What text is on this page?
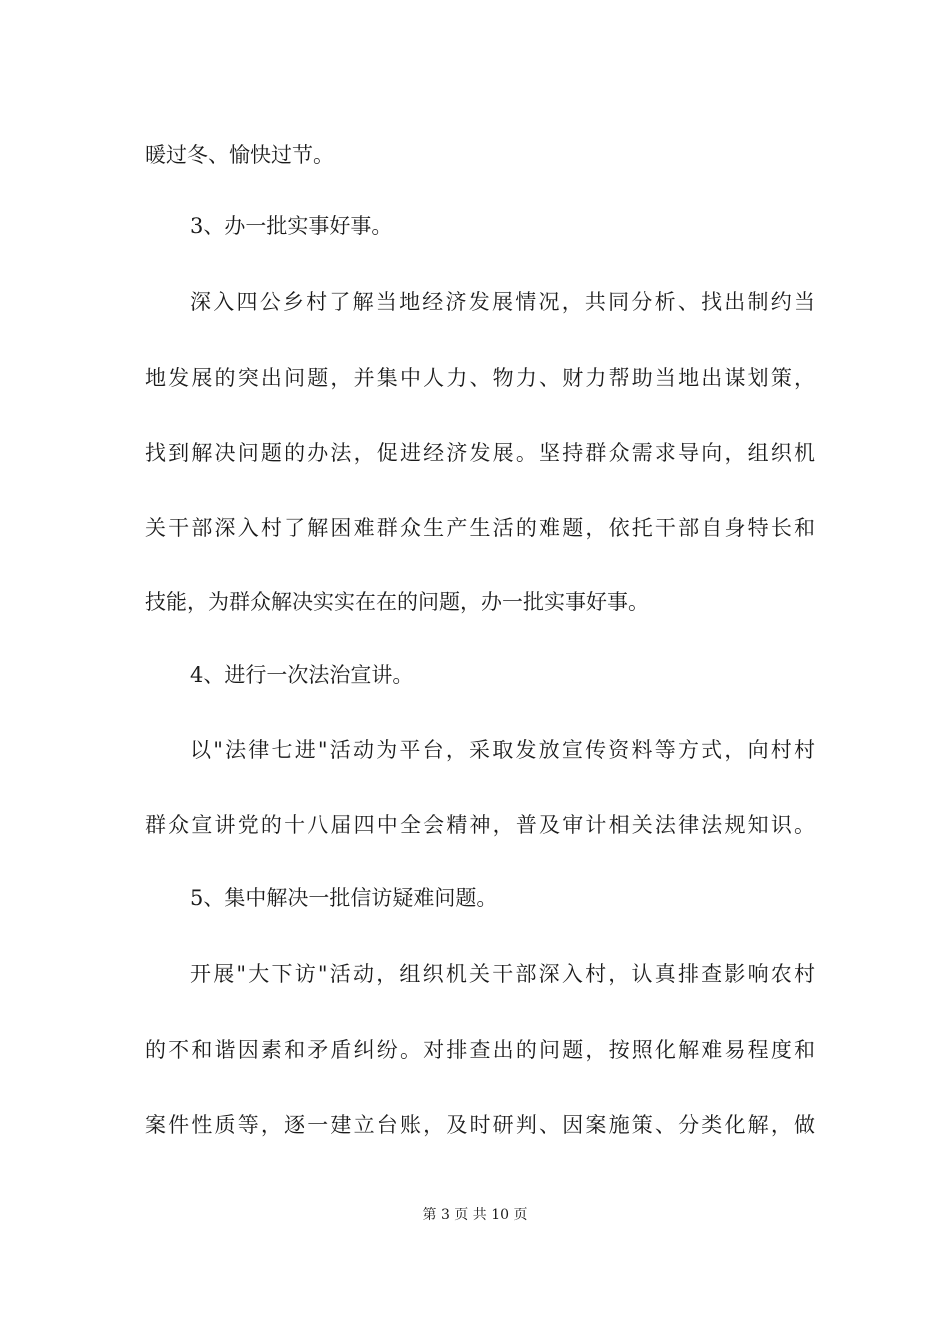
暖过冬、愉快过节。
3、办一批实事好事。
深入四公乡村了解当地经济发展情况，共同分析、找出制约当
地发展的突出问题，并集中人力、物力、财力帮助当地出谋划策，
找到解决问题的办法，促进经济发展。坚持群众需求导向，组织机
关干部深入村了解困难群众生产生活的难题，依托干部自身特长和
技能，为群众解决实实在在的问题，办一批实事好事。
4、进行一次法治宣讲。
以"法律七进"活动为平台，采取发放宣传资料等方式，向村村
群众宣讲党的十八届四中全会精神，普及审计相关法律法规知识。
5、集中解决一批信访疑难问题。
开展"大下访"活动，组织机关干部深入村，认真排查影响农村
的不和谐因素和矛盾纠纷。对排查出的问题，按照化解难易程度和
案件性质等，逐一建立台账，及时研判、因案施策、分类化解，做
第 3 页 共 10 页
